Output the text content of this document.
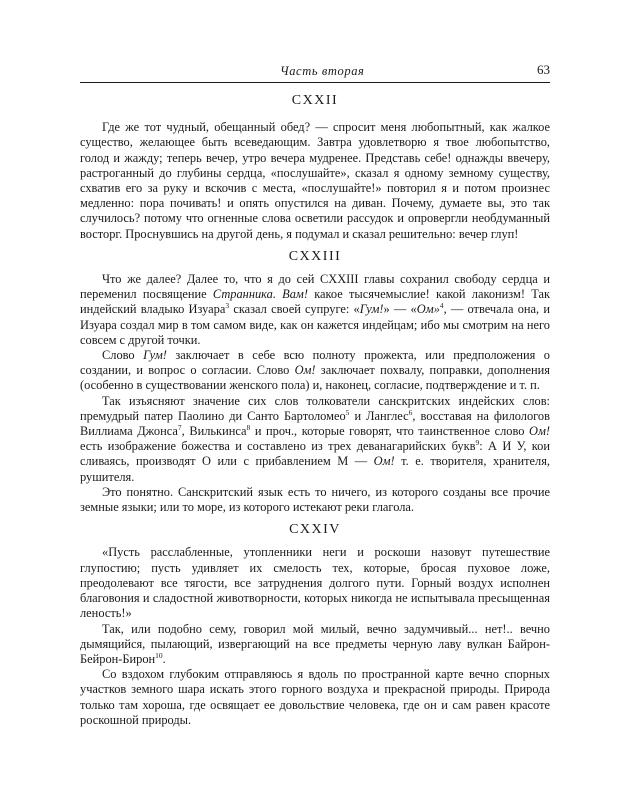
Часть вторая	63
CXXII

Где же тот чудный, обещанный обед? — спросит меня любопытный, как жалкое существо, желающее быть всеведающим. Завтра удовлетворю я твое любопытство, голод и жажду; теперь вечер, утро вечера мудренее. Представь себе! однажды ввечеру, растроганный до глубины сердца, «послушайте», сказал я одному земному существу, схватив его за руку и вскочив с места, «послушайте!» повторил я и потом произнес медленно: пора почивать! и опять опустился на диван. Почему, думаете вы, это так случилось? потому что огненные слова осветили рассудок и опровергли необдуманный восторг. Проснувшись на другой день, я подумал и сказал решительно: вечер глуп!

CXXIII

Что же далее? Далее то, что я до сей CXXIII главы сохранил свободу сердца и переменил посвящение Странника. Вам! какое тысячемыслие! какой лаконизм! Так индейский владыко Изуара$^3$ сказал своей супруге: «Гум!» — «Ом»$^4$, — отвечала она, и Изуара создал мир в том самом виде, как он кажется индейцам; ибо мы смотрим на него совсем с другой точки.

Слово Гум! заключает в себе всю полноту прожекта, или предположения о создании, и вопрос о согласии. Слово Ом! заключает похвалу, поправки, дополнения (особенно в существовании женского пола) и, наконец, согласие, подтверждение и т. п.

Так изъясняют значение сих слов толкователи санскритских индейских слов: премудрый патер Паолино ди Санто Бартоломео$^5$ и Ланглес$^6$, восставая на филологов Виллиама Джонса$^7$, Вилькинса$^8$ и проч., которые говорят, что таинственное слово Ом! есть изображение божества и составлено из трех деванагарийских букв$^9$: А И У, кои сливаясь, производят О или с прибавлением М — Ом! т. е. творителя, хранителя, рушителя.

Это понятно. Санскритский язык есть то ничего, из которого созданы все прочие земные языки; или то море, из которого истекают реки глагола.

CXXIV

«Пусть расслабленные, утопленники неги и роскоши назовут путешествие глупостию; пусть удивляет их смелость тех, которые, бросая пуховое ложе, преодолевают все тягости, все затруднения долгого пути. Горный воздух исполнен благовония и сладостной животворности, которых никогда не испытывала пресыщенная леность!»

Так, или подобно сему, говорил мой милый, вечно задумчивый... нет!.. вечно дымящийся, пылающий, извергающий на все предметы черную лаву вулкан Байрон-Бейрон-Бирон$^{10}$.

Со вздохом глубоким отправляюсь я вдоль по пространной карте вечно спорных участков земного шара искать этого горного воздуха и прекрасной природы. Природа только там хороша, где освящает ее довольствие человека, где он и сам равен красоте роскошной природы.
